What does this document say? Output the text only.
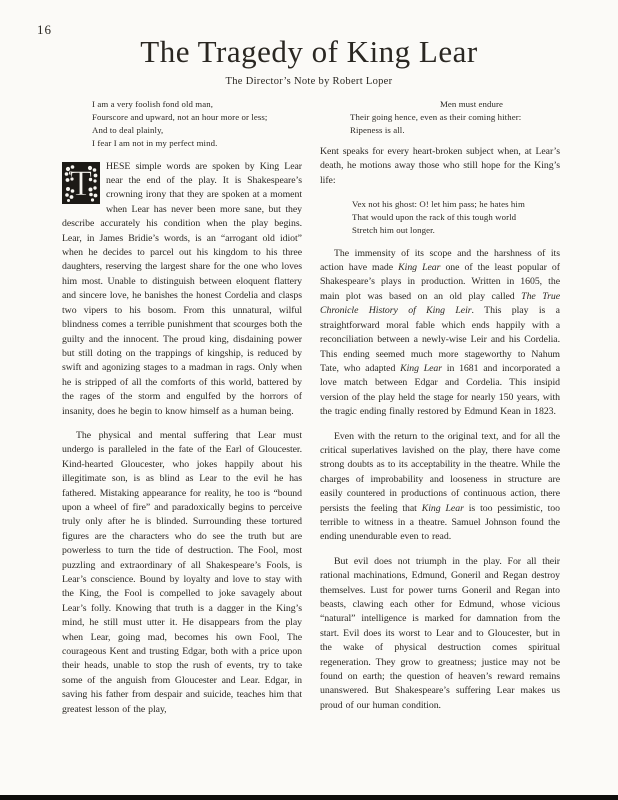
16
The Tragedy of King Lear
The Director’s Note by Robert Loper
I am a very foolish fond old man,
Fourscore and upward, not an hour more or less;
And to deal plainly,
I fear I am not in my perfect mind.

T HESE simple words are spoken by King Lear near the end of the play. It is Shakespeare’s crowning irony that they are spoken at a moment when Lear has never been more sane, but they describe accurately his condition when the play begins. Lear, in James Bridie’s words, is an “arrogant old idiot” when he decides to parcel out his kingdom to his three daughters, reserving the largest share for the one who loves him most. Unable to distinguish between eloquent flattery and sincere love, he banishes the honest Cordelia and clasps two vipers to his bosom. From this unnatural, wilful blindness comes a terrible punishment that scourges both the guilty and the innocent. The proud king, disdaining power but still doting on the trappings of kingship, is reduced by swift and agonizing stages to a madman in rags. Only when he is stripped of all the comforts of this world, battered by the rages of the storm and engulfed by the horrors of insanity, does he begin to know himself as a human being.

The physical and mental suffering that Lear must undergo is paralleled in the fate of the Earl of Gloucester. Kind-hearted Gloucester, who jokes happily about his illegitimate son, is as blind as Lear to the evil he has fathered. Mistaking appearance for reality, he too is “bound upon a wheel of fire” and paradoxically begins to perceive truly only after he is blinded. Surrounding these tortured figures are the characters who do see the truth but are powerless to turn the tide of destruction. The Fool, most puzzling and extraordinary of all Shakespeare’s Fools, is Lear’s conscience. Bound by loyalty and love to stay with the King, the Fool is compelled to joke savagely about Lear’s folly. Knowing that truth is a dagger in the King’s mind, he still must utter it. He disappears from the play when Lear, going mad, becomes his own Fool, The courageous Kent and trusting Edgar, both with a price upon their heads, unable to stop the rush of events, try to take some of the anguish from Gloucester and Lear. Edgar, in saving his father from despair and suicide, teaches him that greatest lesson of the play,

Men must endure
Their going hence, even as their coming hither:
Ripeness is all.

Kent speaks for every heart-broken subject when, at Lear’s death, he motions away those who still hope for the King’s life:

Vex not his ghost: O! let him pass; he hates him
That would upon the rack of this tough world
Stretch him out longer.

The immensity of its scope and the harshness of its action have made King Lear one of the least popular of Shakespeare’s plays in production. Written in 1605, the main plot was based on an old play called The True Chronicle History of King Leir. This play is a straightforward moral fable which ends happily with a reconciliation between a newly-wise Leir and his Cordelia. This ending seemed much more stageworthy to Nahum Tate, who adapted King Lear in 1681 and incorporated a love match between Edgar and Cordelia. This insipid version of the play held the stage for nearly 150 years, with the tragic ending finally restored by Edmund Kean in 1823.

Even with the return to the original text, and for all the critical superlatives lavished on the play, there have come strong doubts as to its acceptability in the theatre. While the charges of improbability and looseness in structure are easily countered in productions of continuous action, there persists the feeling that King Lear is too pessimistic, too terrible to witness in a theatre. Samuel Johnson found the ending unendurable even to read.

But evil does not triumph in the play. For all their rational machinations, Edmund, Goneril and Regan destroy themselves. Lust for power turns Goneril and Regan into beasts, clawing each other for Edmund, whose vicious “natural” intelligence is marked for damnation from the start. Evil does its worst to Lear and to Gloucester, but in the wake of physical destruction comes spiritual regeneration. They grow to greatness; justice may not be found on earth; the question of heaven’s reward remains unanswered. But Shakespeare’s suffering Lear makes us proud of our human condition.
